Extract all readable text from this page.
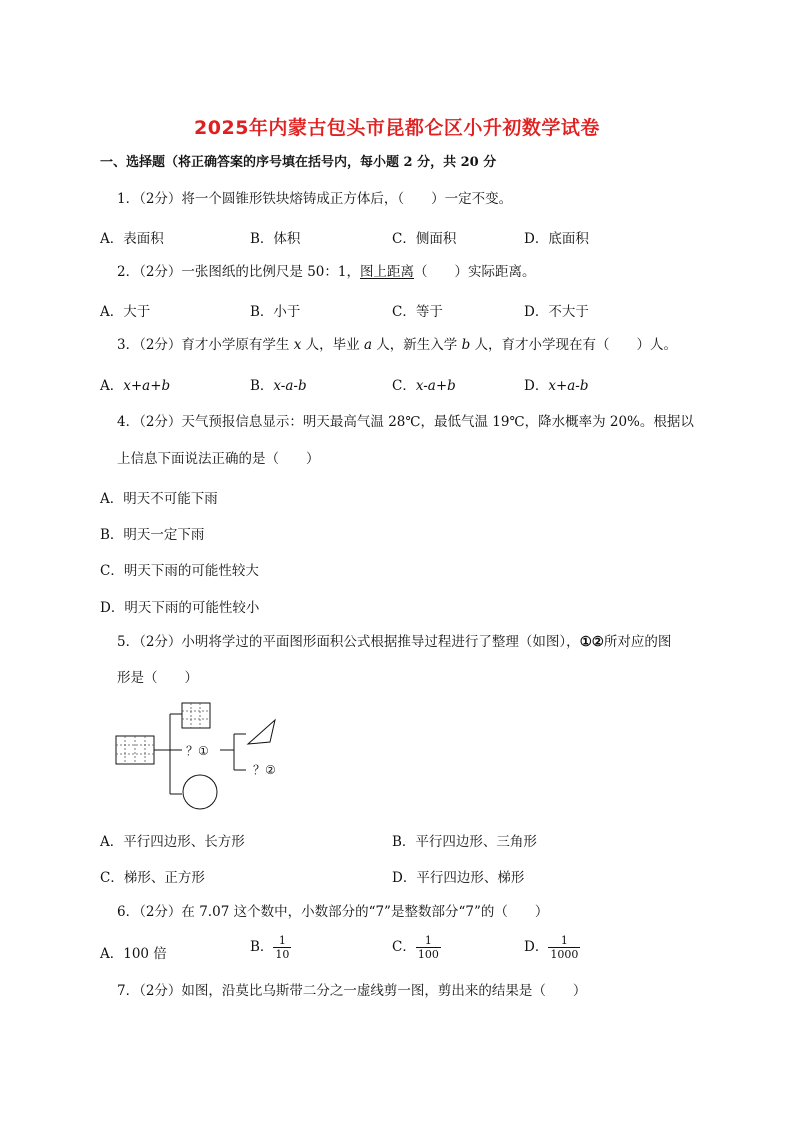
2025年内蒙古包头市昆都仑区小升初数学试卷
一、选择题（将正确答案的序号填在括号内，每小题 2 分，共 20 分
1．（2分）将一个圆锥形铁块熔铸成正方体后，（　　）一定不变。
A．表面积	B．体积	C．侧面积	D．底面积
2．（2分）一张图纸的比例尺是 50：1，图上距离（　　）实际距离。
A．大于	B．小于	C．等于	D．不大于
3．（2分）育才小学原有学生 x 人，毕业 a 人，新生入学 b 人，育才小学现在有（　　）人。
A．x+a+b	B．x-a-b	C．x-a+b	D．x+a-b
4．（2分）天气预报信息显示：明天最高气温 28℃，最低气温 19℃，降水概率为 20%。根据以
上信息下面说法正确的是（　　）
A．明天不可能下雨
B．明天一定下雨
C．明天下雨的可能性较大
D．明天下雨的可能性较小
5．（2分）小明将学过的平面图形面积公式根据推导过程进行了整理（如图），①②所对应的图
形是（　　）
？①
？②
A．平行四边形、长方形	B．平行四边形、三角形
C．梯形、正方形	D．平行四边形、梯形
6．（2分）在 7.07 这个数中，小数部分的“7”是整数部分“7”的（　　）
A．100 倍	B． $\frac{1}{10}$	C． $\frac{1}{100}$	D． $\frac{1}{1000}$
7．（2分）如图，沿莫比乌斯带二分之一虚线剪一图，剪出来的结果是（　　）
